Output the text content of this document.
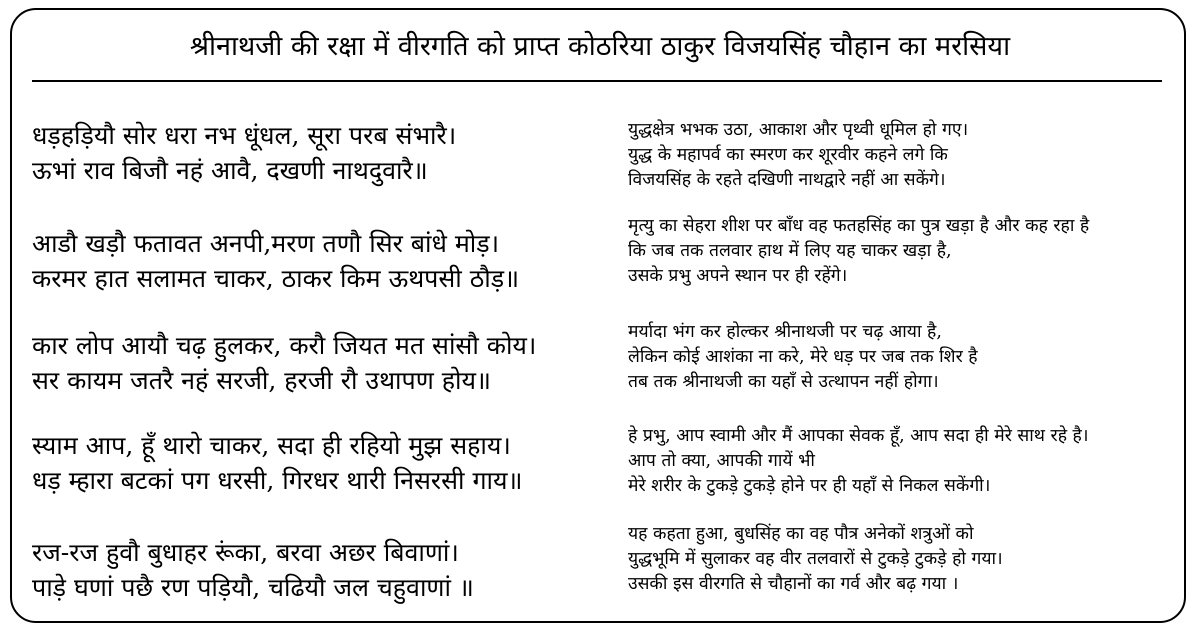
श्रीनाथजी की रक्षा में वीरगति को प्राप्त कोठरिया ठाकुर विजयसिंह चौहान का मरसिया
धड़हड़ियौ सोर धरा नभ धूंधल, सूरा परब संभारै।
ऊभां राव बिजौ नहं आवै, दखणी नाथदुवारै॥
युद्धक्षेत्र भभक उठा, आकाश और पृथ्वी धूमिल हो गए।
युद्ध के महापर्व का स्मरण कर शूरवीर कहने लगे कि
विजयसिंह के रहते दखिणी नाथद्वारे नहीं आ सकेंगे।
आडौ खड़ौ फतावत अनपी,मरण तणौ सिर बांधे मोड़।
करमर हात सलामत चाकर, ठाकर किम ऊथपसी ठौड़॥
मृत्यु का सेहरा शीश पर बाँध वह फतहसिंह का पुत्र खड़ा है और कह रहा है
कि जब तक तलवार हाथ में लिए यह चाकर खड़ा है,
उसके प्रभु अपने स्थान पर ही रहेंगे।
कार लोप आयौ चढ़ हुलकर, करौ जियत मत सांसौ कोय।
सर कायम जतरै नहं सरजी, हरजी रौ उथापण होय॥
मर्यादा भंग कर होल्कर श्रीनाथजी पर चढ़ आया है,
लेकिन कोई आशंका ना करे, मेरे धड़ पर जब तक शिर है
तब तक श्रीनाथजी का यहाँ से उत्थापन नहीं होगा।
स्याम आप, हूँ थारो चाकर, सदा ही रहियो मुझ सहाय।
धड़ म्हारा बटकां पग धरसी, गिरधर थारी निसरसी गाय॥
हे प्रभु, आप स्वामी और मैं आपका सेवक हूँ, आप सदा ही मेरे साथ रहे है।
आप तो क्या, आपकी गायें भी
मेरे शरीर के टुकड़े टुकड़े होने पर ही यहाँ से निकल सकेंगी।
रज-रज हुवौ बुधाहर रूंका, बरवा अछर बिवाणां।
पाड़े घणां पछै रण पड़ियौ, चढियौ जल चहुवाणां ॥
यह कहता हुआ, बुधसिंह का वह पौत्र अनेकों शत्रुओं को
युद्धभूमि में सुलाकर वह वीर तलवारों से टुकड़े टुकड़े हो गया।
उसकी इस वीरगति से चौहानों का गर्व और बढ़ गया ।
